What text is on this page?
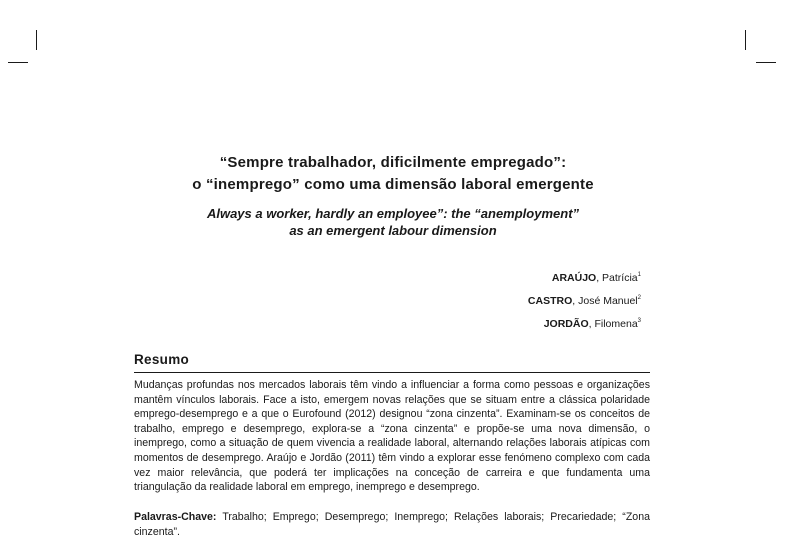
“Sempre trabalhador, dificilmente empregado”:
o “inemprego” como uma dimensão laboral emergente
Always a worker, hardly an employee”: the “anemployment”
as an emergent labour dimension
ARAÚJO, Patrícia$^1$
CASTRO, José Manuel$^2$
JORDÃO, Filomena$^3$
Resumo

Mudanças profundas nos mercados laborais têm vindo a influenciar a forma como pessoas e organizações mantêm vínculos laborais. Face a isto, emergem novas relações que se situam entre a clássica polaridade emprego-desemprego e a que o Eurofound (2012) designou “zona cinzenta”. Examinam-se os conceitos de trabalho, emprego e desemprego, explora-se a “zona cinzenta” e propõe-se uma nova dimensão, o inemprego, como a situação de quem vivencia a realidade laboral, alternando relações laborais atípicas com momentos de desemprego. Araújo e Jordão (2011) têm vindo a explorar esse fenómeno complexo com cada vez maior relevância, que poderá ter implicações na conceção de carreira e que fundamenta uma triangulação da realidade laboral em emprego, inemprego e desemprego.

Palavras-Chave: Trabalho; Emprego; Desemprego; Inemprego; Relações laborais; Precariedade; “Zona cinzenta”.
